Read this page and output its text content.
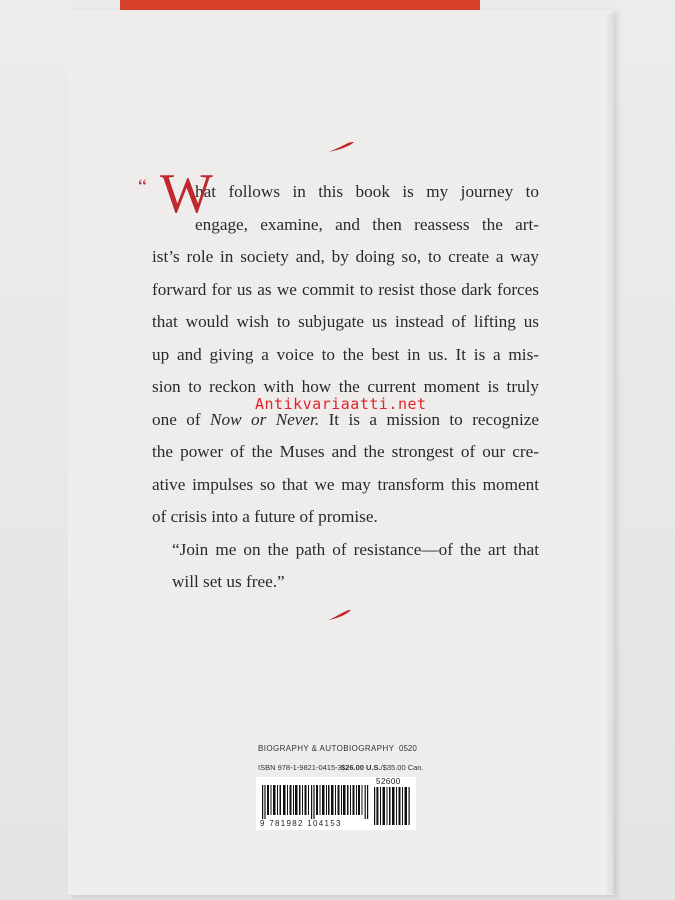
“ W
hat follows in this book is my journey to
engage, examine, and then reassess the art-
ist’s role in society and, by doing so, to create a way
forward for us as we commit to resist those dark forces
that would wish to subjugate us instead of lifting us
up and giving a voice to the best in us. It is a mis-
sion to reckon with how the current moment is truly
one of Now or Never. It is a mission to recognize
the power of the Muses and the strongest of our cre-
ative impulses so that we may transform this moment
of crisis into a future of promise.
“Join me on the path of resistance—of the art that
will set us free.”
Antikvariaatti.net
BIOGRAPHY & AUTOBIOGRAPHY 0520
ISBN 978-1-9821-0415-3 $26.00 U.S./$35.00 Can.
9 781982 104153
52600
